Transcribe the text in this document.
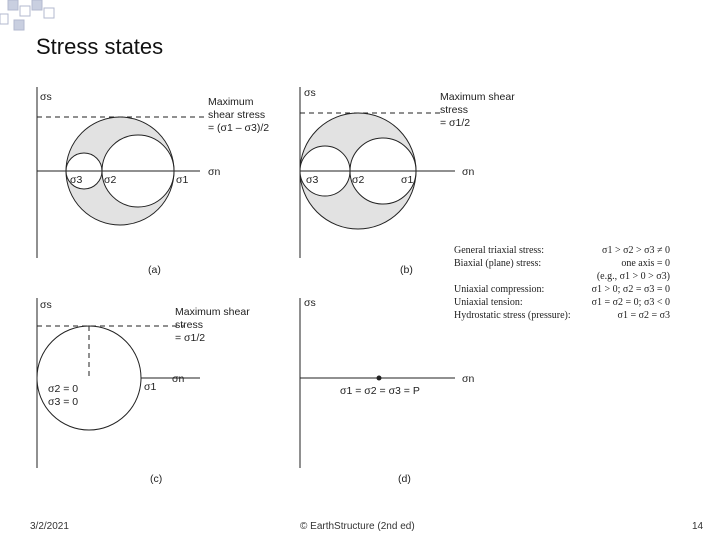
Stress states
σs
σn
σ3 σ2	σ1
Maximum
shear stress
= (σ1 – σ3)/2
(a)
σs
σn
σ3	σ2	σ1
Maximum shear
stress
= σ1/2
(b)
σs
σn
σ1
σ2 = 0
σ3 = 0
Maximum shear
stress
= σ1/2
(c)
σs
σn
σ1 = σ2 = σ3 = P
(d)
General triaxial stress:	σ1 > σ2 > σ3 ≠ 0
Biaxial (plane) stress:	one axis = 0
(e.g., σ1 > 0 > σ3)
Uniaxial compression:	σ1 > 0; σ2 = σ3 = 0
Uniaxial tension:	σ1 = σ2 = 0; σ3 < 0
Hydrostatic stress (pressure):	σ1 = σ2 = σ3
3/2/2021	© EarthStructure (2nd ed)	14
